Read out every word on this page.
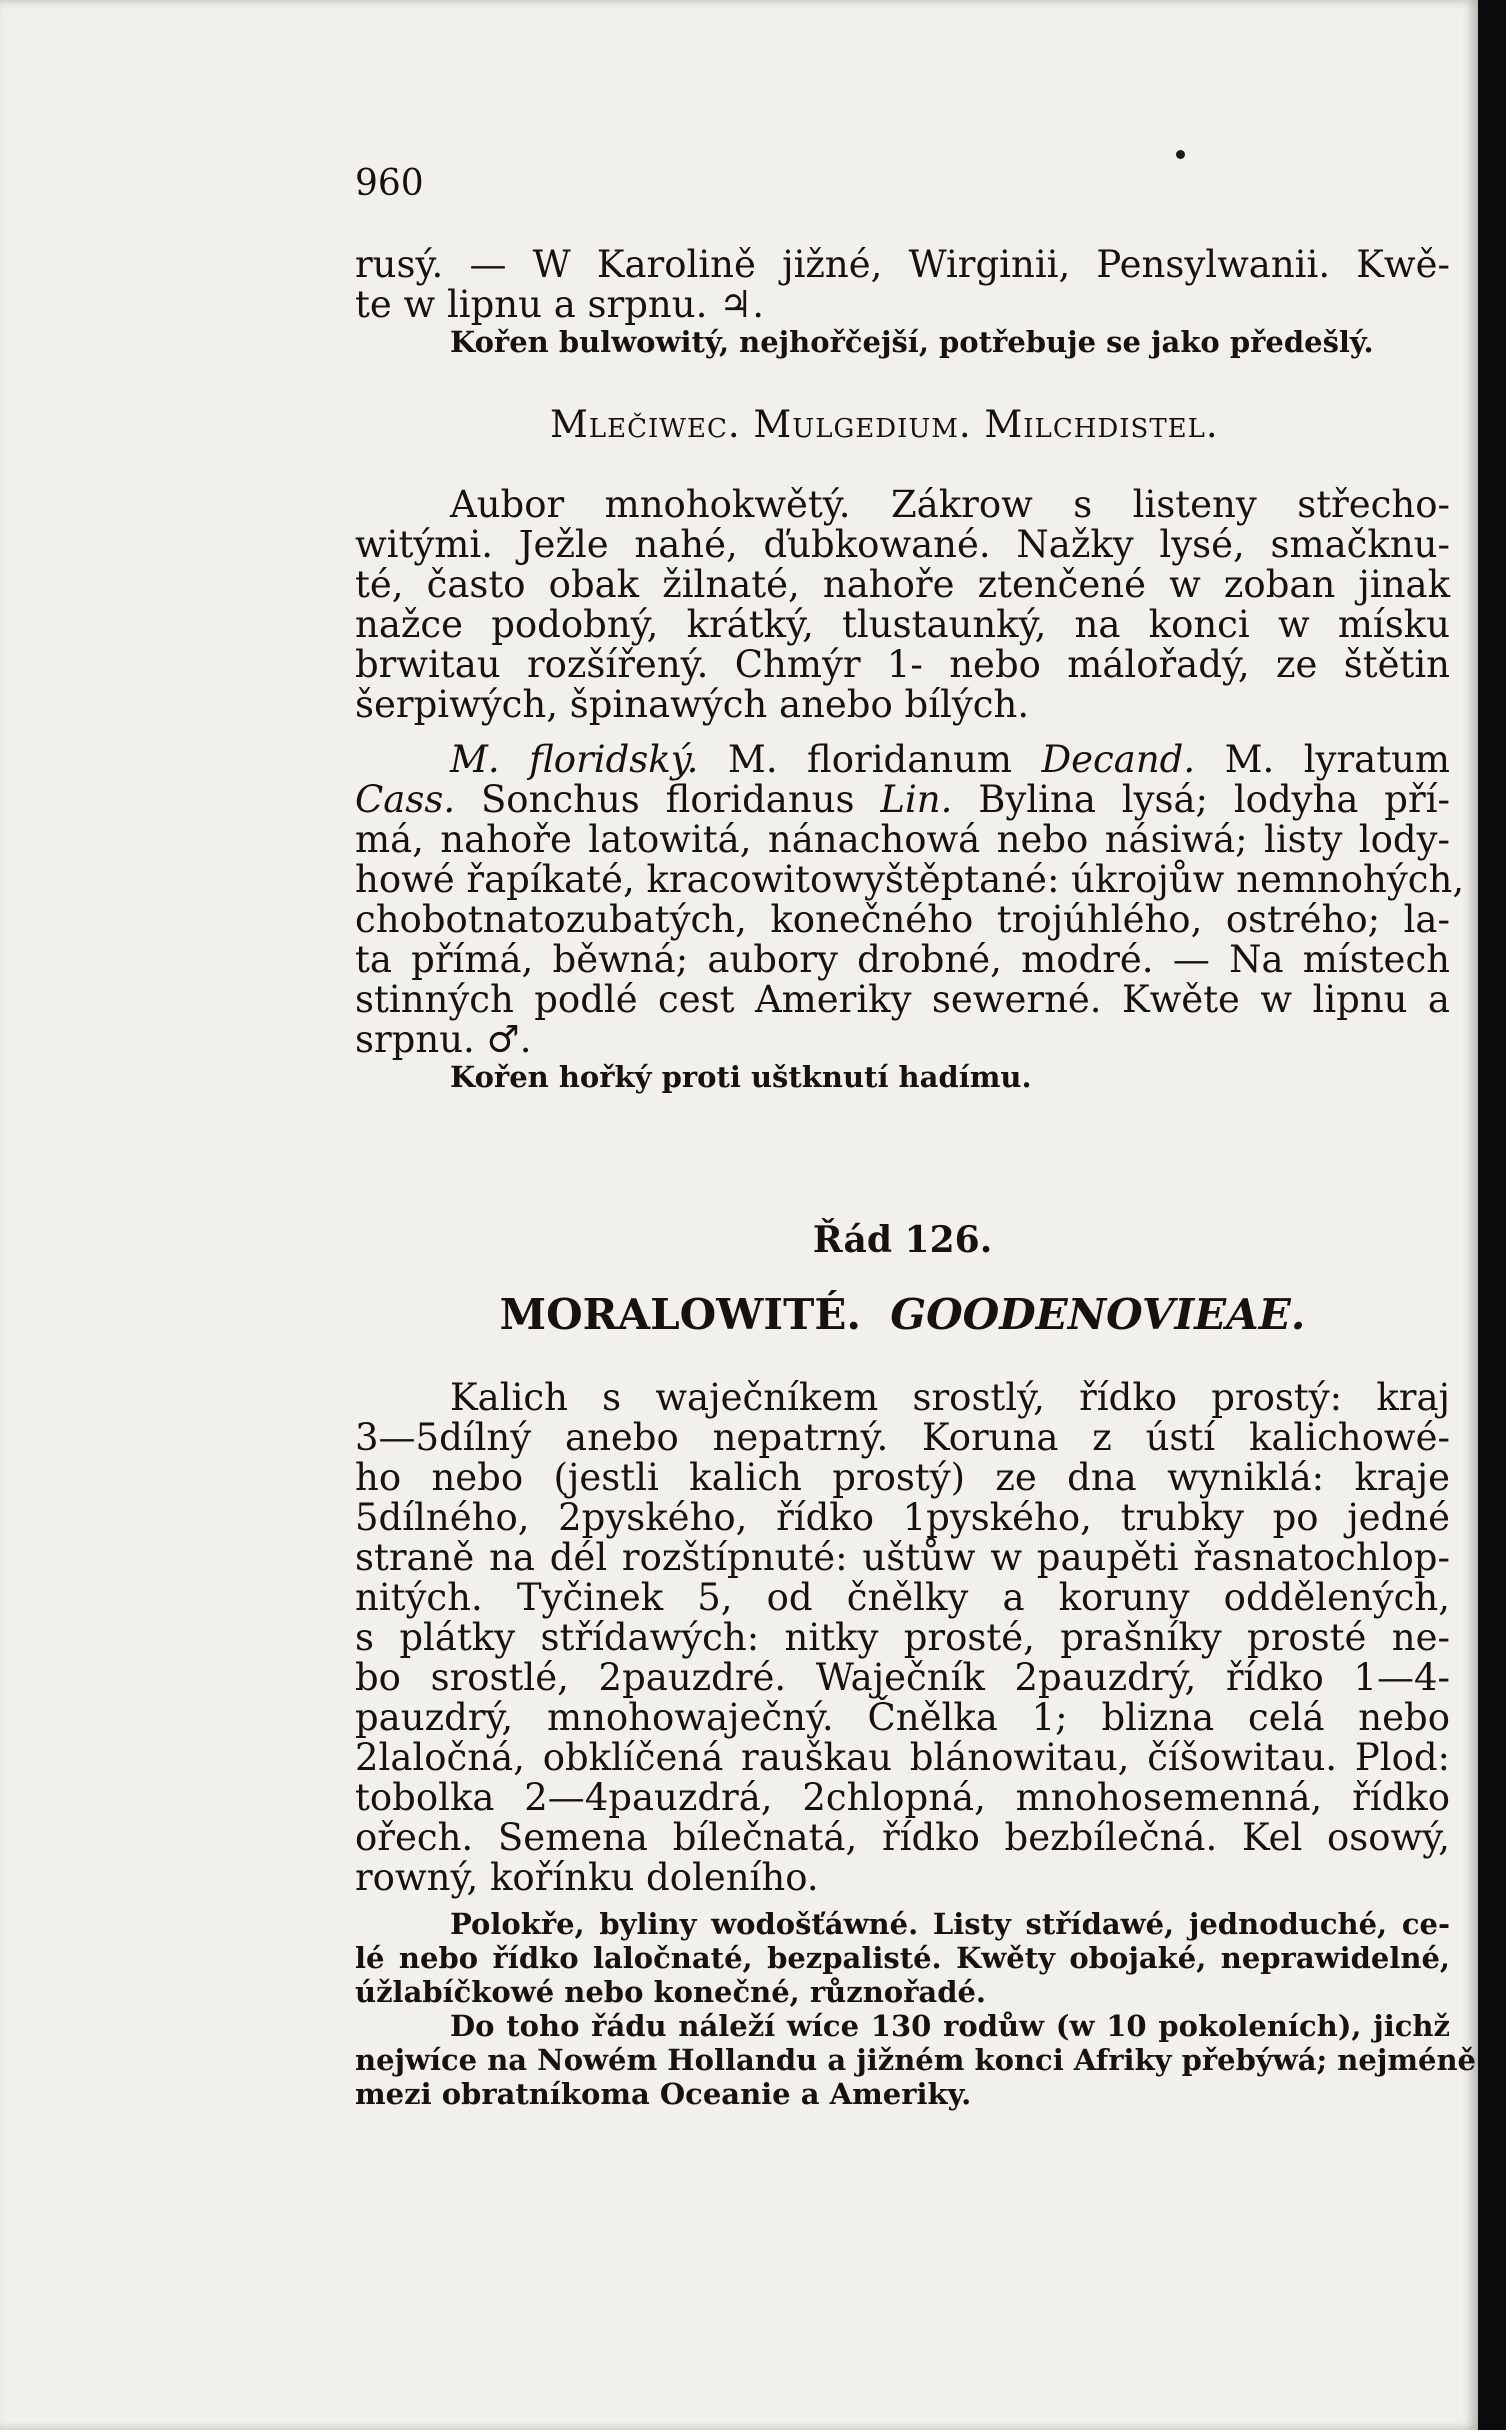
960
rusý. — W Karolině jižné, Wirginii, Pensylwanii. Kwě-
te w lipnu a srpnu. ♃.
Kořen bulwowitý, nejhořčejší, potřebuje se jako předešlý.
Mlečiwec. Mulgedium. Milchdistel.
Aubor mnohokwětý. Zákrow s listeny střecho-
witými. Ježle nahé, ďubkowané. Nažky lysé, smačknu-
té, často obak žilnaté, nahoře ztenčené w zoban jinak
nažce podobný, krátký, tlustaunký, na konci w mísku
brwitau rozšířený. Chmýr 1- nebo málořadý, ze štětin
šerpiwých, špinawých anebo bílých.
M. floridský. M. floridanum Decand. M. lyratum
Cass. Sonchus floridanus Lin. Bylina lysá; lodyha pří-
má, nahoře latowitá, nánachowá nebo násiwá; listy lody-
howé řapíkaté, kracowitowyštěptané: úkrojůw nemnohých,
chobotnatozubatých, konečného trojúhlého, ostrého; la-
ta přímá, běwná; aubory drobné, modré. — Na místech
stinných podlé cest Ameriky sewerné. Kwěte w lipnu a
srpnu. ♂.
Kořen hořký proti uštknutí hadímu.
Řád 126.
MORALOWITÉ. GOODENOVIEAE.
Kalich s waječníkem srostlý, řídko prostý: kraj
3—5dílný anebo nepatrný. Koruna z ústí kalichowé-
ho nebo (jestli kalich prostý) ze dna wyniklá: kraje
5dílného, 2pyského, řídko 1pyského, trubky po jedné
straně na dél rozštípnuté: uštůw w paupěti řasnatochlop-
nitých. Tyčinek 5, od čnělky a koruny oddělených,
s plátky střídawých: nitky prosté, prašníky prosté ne-
bo srostlé, 2pauzdré. Waječník 2pauzdrý, řídko 1—4-
pauzdrý, mnohowaječný. Čnělka 1; blizna celá nebo
2laločná, obklíčená rauškau blánowitau, číšowitau. Plod:
tobolka 2—4pauzdrá, 2chlopná, mnohosemenná, řídko
ořech. Semena bílečnatá, řídko bezbílečná. Kel osowý,
rowný, kořínku doleního.
Polokře, byliny wodošťáwné. Listy střídawé, jednoduché, ce-
lé nebo řídko laločnaté, bezpalisté. Kwěty obojaké, neprawidelné,
úžlabíčkowé nebo konečné, různořadé.
Do toho řádu náleží wíce 130 rodůw (w 10 pokoleních), jichž
nejwíce na Nowém Hollandu a jižném konci Afriky přebýwá; nejméně
mezi obratníkoma Oceanie a Ameriky.
